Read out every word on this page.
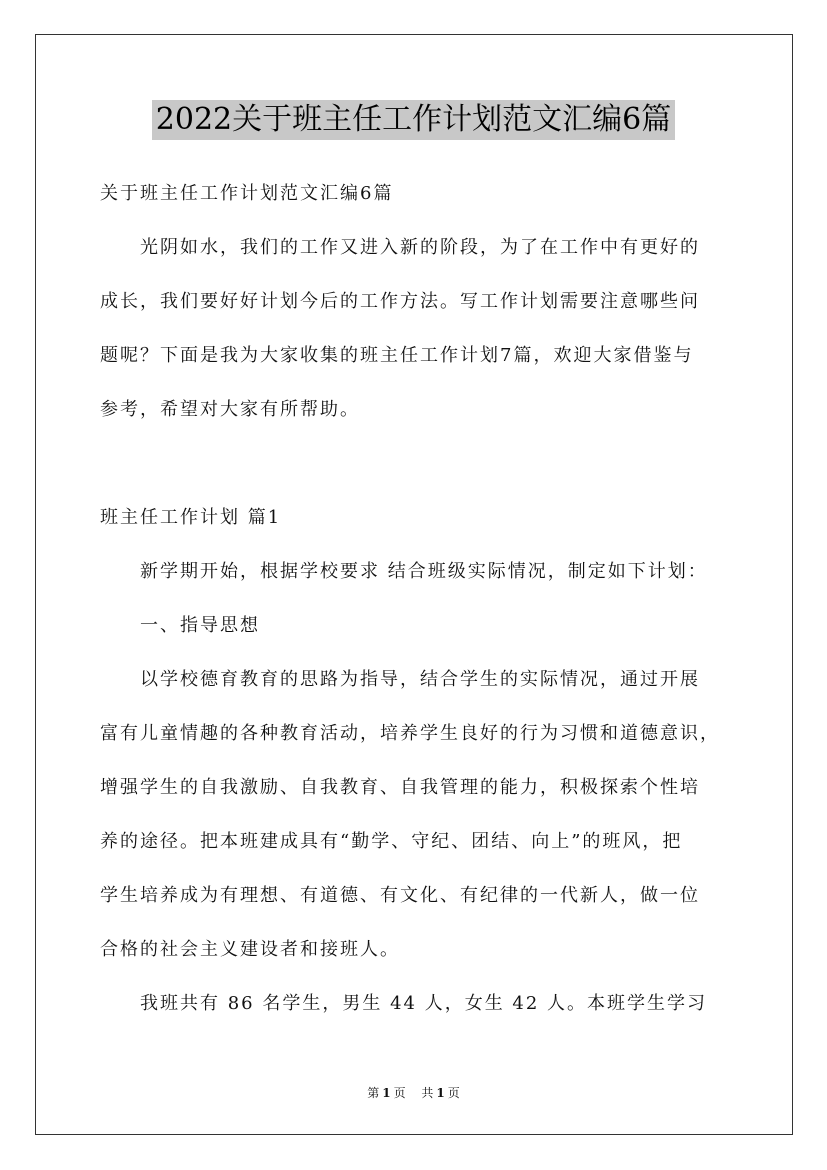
2022关于班主任工作计划范文汇编6篇
关于班主任工作计划范文汇编6篇
　　光阴如水，我们的工作又进入新的阶段，为了在工作中有更好的
成长，我们要好好计划今后的工作方法。写工作计划需要注意哪些问
题呢？下面是我为大家收集的班主任工作计划7篇，欢迎大家借鉴与
参考，希望对大家有所帮助。
班主任工作计划 篇1
　　新学期开始，根据学校要求 结合班级实际情况，制定如下计划：
　　一、指导思想
　　以学校德育教育的思路为指导，结合学生的实际情况，通过开展
富有儿童情趣的各种教育活动，培养学生良好的行为习惯和道德意识，
增强学生的自我激励、自我教育、自我管理的能力，积极探索个性培
养的途径。把本班建成具有“勤学、守纪、团结、向上”的班风，把
学生培养成为有理想、有道德、有文化、有纪律的一代新人，做一位
合格的社会主义建设者和接班人。
　　我班共有 86 名学生，男生 44 人，女生 42 人。本班学生学习
第 1 页 共 1 页
